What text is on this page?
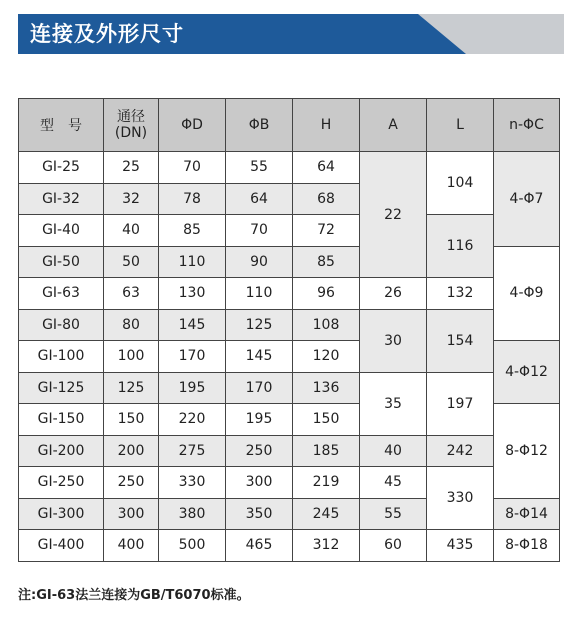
连接及外形尺寸
型　号	通径
(DN)	ΦD	ΦB	H	A	L	n-ΦC
GI-25	25	70	55	64	22	104	4-Φ7
GI-32	32	78	64	68			
GI-40	40	85	70	72		116	
GI-50	50	110	90	85			4-Φ9
GI-63	63	130	110	96	26	132	
GI-80	80	145	125	108	30	154	
GI-100	100	170	145	120			4-Φ12
GI-125	125	195	170	136	35	197	
GI-150	150	220	195	150			8-Φ12
GI-200	200	275	250	185	40	242	
GI-250	250	330	300	219	45	330	
GI-300	300	380	350	245	55		8-Φ14
GI-400	400	500	465	312	60	435	8-Φ18
注:GI-63法兰连接为GB/T6070标准。
